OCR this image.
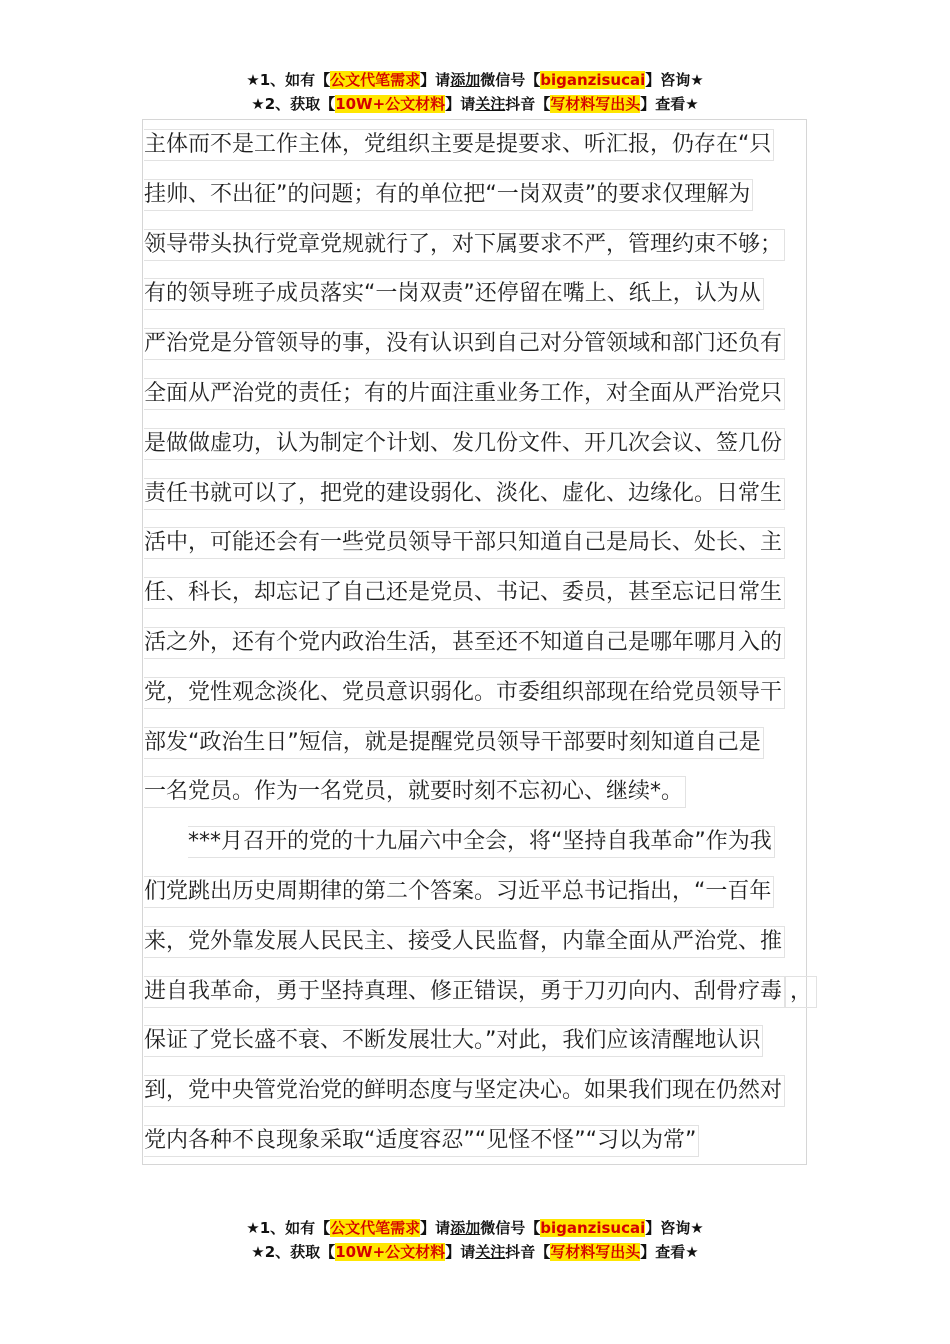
★1、如有【公文代笔需求】请添加微信号【biganzisucai】咨询★
★2、获取【10W+公文材料】请关注抖音【写材料写出头】查看★
主体而不是工作主体，党组织主要是提要求、听汇报，仍存在“只
挂帅、不出征”的问题；有的单位把“一岗双责”的要求仅理解为
领导带头执行党章党规就行了，对下属要求不严，管理约束不够；
有的领导班子成员落实“一岗双责”还停留在嘴上、纸上，认为从
严治党是分管领导的事，没有认识到自己对分管领域和部门还负有
全面从严治党的责任；有的片面注重业务工作，对全面从严治党只
是做做虚功，认为制定个计划、发几份文件、开几次会议、签几份
责任书就可以了，把党的建设弱化、淡化、虚化、边缘化。日常生
活中，可能还会有一些党员领导干部只知道自己是局长、处长、主
任、科长，却忘记了自己还是党员、书记、委员，甚至忘记日常生
活之外，还有个党内政治生活，甚至还不知道自己是哪年哪月入的
党，党性观念淡化、党员意识弱化。市委组织部现在给党员领导干
部发“政治生日”短信，就是提醒党员领导干部要时刻知道自己是
一名党员。作为一名党员，就要时刻不忘初心、继续*。
***月召开的党的十九届六中全会，将“坚持自我革命”作为我
们党跳出历史周期律的第二个答案。习近平总书记指出，“一百年
来，党外靠发展人民民主、接受人民监督，内靠全面从严治党、推
进自我革命，勇于坚持真理、修正错误，勇于刀刃向内、刮骨疗毒 ，
保证了党长盛不衰、不断发展壮大。”对此，我们应该清醒地认识
到，党中央管党治党的鲜明态度与坚定决心。如果我们现在仍然对
党内各种不良现象采取“适度容忍”“见怪不怪”“习以为常”
★1、如有【公文代笔需求】请添加微信号【biganzisucai】咨询★
★2、获取【10W+公文材料】请关注抖音【写材料写出头】查看★
